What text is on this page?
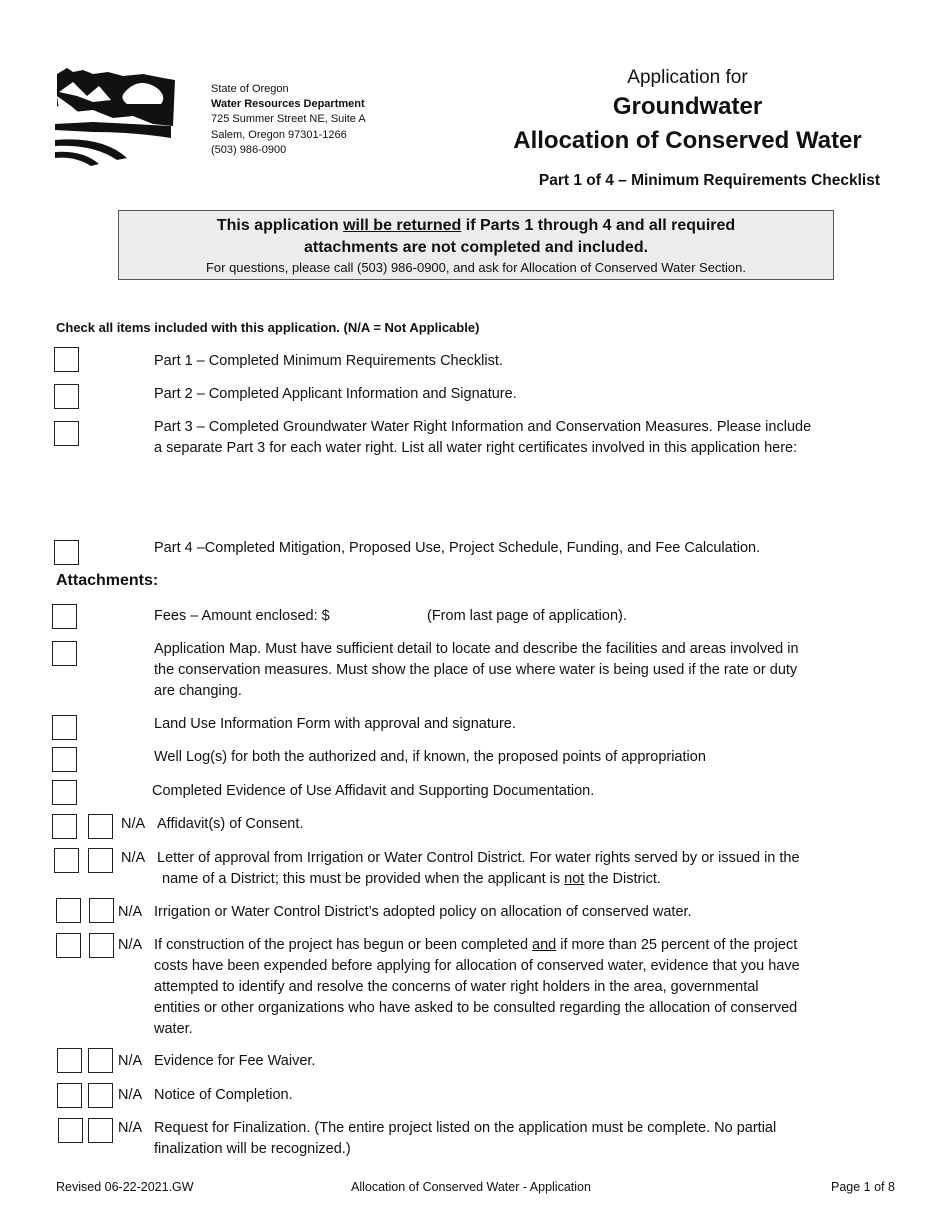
State of Oregon
Water Resources Department
725 Summer Street NE, Suite A
Salem, Oregon 97301-1266
(503) 986-0900
Application for
Groundwater
Allocation of Conserved Water
Part 1 of 4 – Minimum Requirements Checklist
This application will be returned if Parts 1 through 4 and all required
attachments are not completed and included.
For questions, please call (503) 986-0900, and ask for Allocation of Conserved Water Section.
Check all items included with this application. (N/A = Not Applicable)
Part 1 – Completed Minimum Requirements Checklist.
Part 2 – Completed Applicant Information and Signature.
Part 3 – Completed Groundwater Water Right Information and Conservation Measures. Please include
a separate Part 3 for each water right. List all water right certificates involved in this application here:
Part 4 –Completed Mitigation, Proposed Use, Project Schedule, Funding, and Fee Calculation.
Attachments:
Fees – Amount enclosed: $	(From last page of application).
Application Map. Must have sufficient detail to locate and describe the facilities and areas involved in
the conservation measures. Must show the place of use where water is being used if the rate or duty
are changing.
Land Use Information Form with approval and signature.
Well Log(s) for both the authorized and, if known, the proposed points of appropriation
Completed Evidence of Use Affidavit and Supporting Documentation.
N/A Affidavit(s) of Consent.
N/A Letter of approval from Irrigation or Water Control District. For water rights served by or issued in the
name of a District; this must be provided when the applicant is not the District.
N/A Irrigation or Water Control District’s adopted policy on allocation of conserved water.
N/A If construction of the project has begun or been completed and if more than 25 percent of the project
costs have been expended before applying for allocation of conserved water, evidence that you have
attempted to identify and resolve the concerns of water right holders in the area, governmental
entities or other organizations who have asked to be consulted regarding the allocation of conserved
water.
N/A Evidence for Fee Waiver.
N/A Notice of Completion.
N/A Request for Finalization. (The entire project listed on the application must be complete. No partial
finalization will be recognized.)
Revised 06-22-2021.GW	Allocation of Conserved Water - Application	Page 1 of 8
